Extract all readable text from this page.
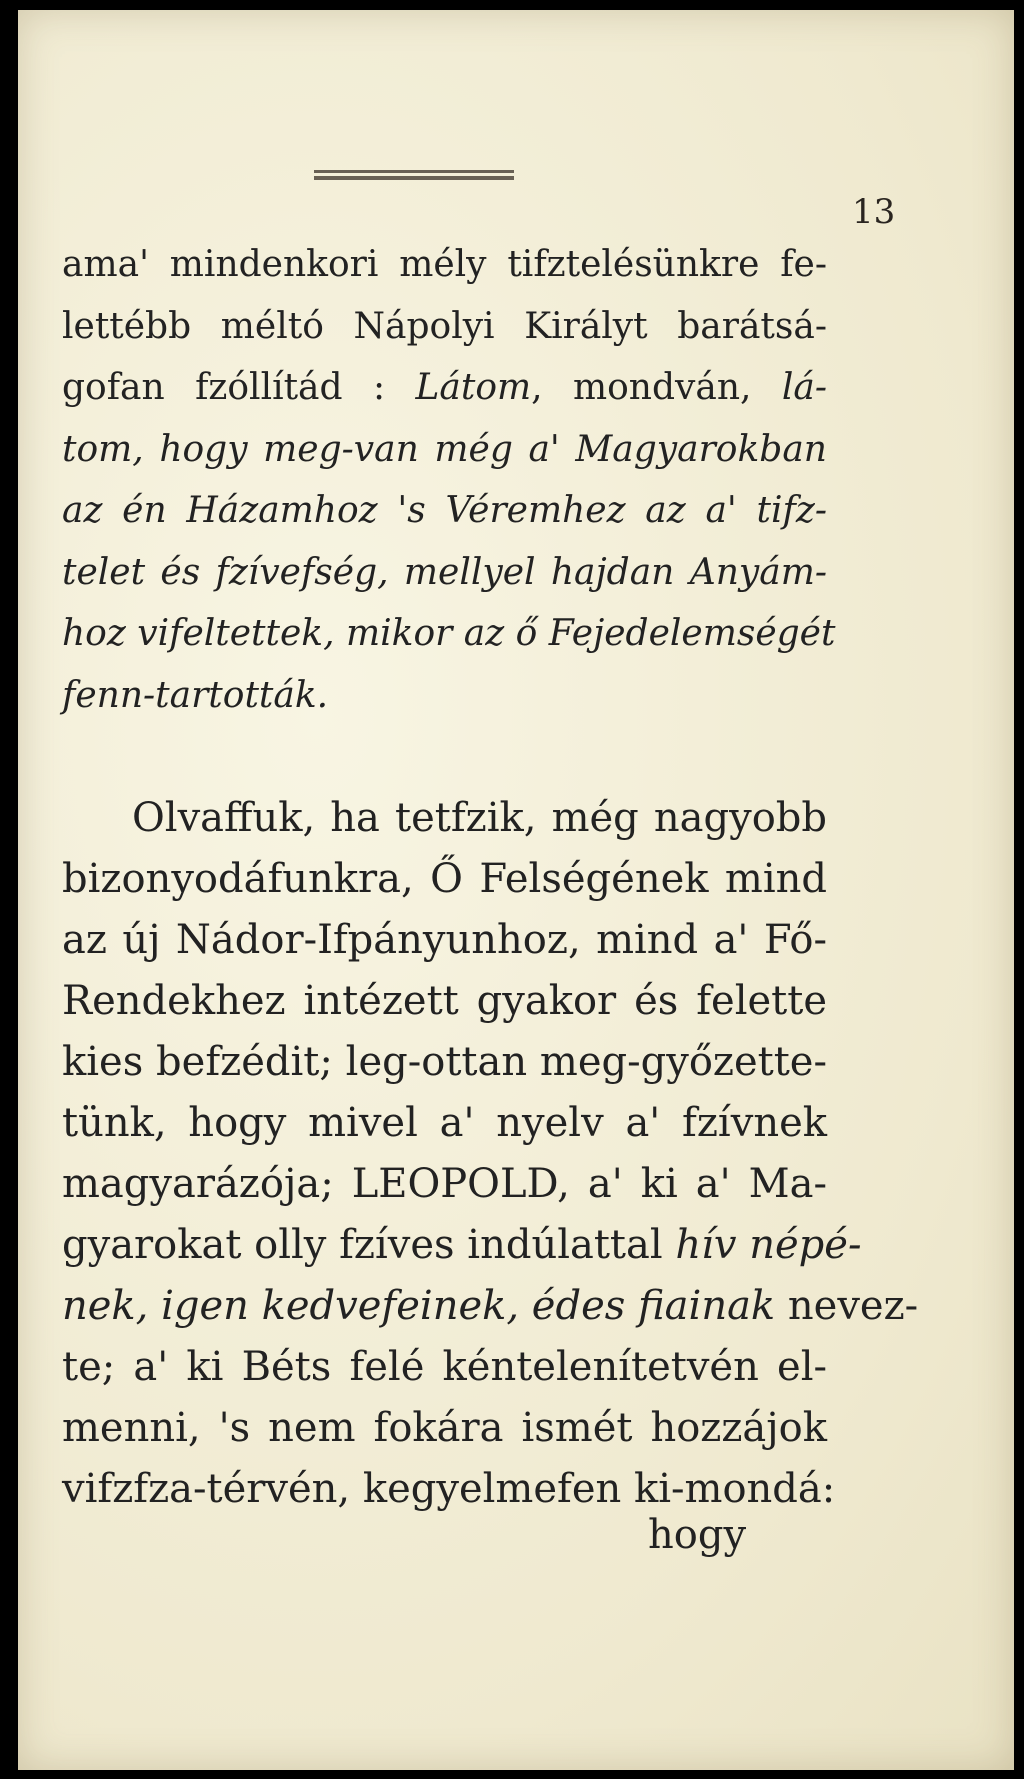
13
ama' mindenkori mély tifztelésünkre fe-
lettébb méltó Nápolyi Királyt barátsá-
gofan fzóllítád : Látom, mondván, lá-
tom, hogy meg-van még a' Magyarokban
az én Házamhoz 's Véremhez az a' tifz-
telet és fzívefség, mellyel hajdan Anyám-
hoz vifeltettek, mikor az ő Fejedelemségét
fenn-tartották.
Olvaffuk, ha tetfzik, még nagyobb
bizonyodáfunkra, Ő Felségének mind
az új Nádor-Ifpányunhoz, mind a' Fő-
Rendekhez intézett gyakor és felette
kies befzédit; leg-ottan meg-győzette-
tünk, hogy mivel a' nyelv a' fzívnek
magyarázója; LEOPOLD, a' ki a' Ma-
gyarokat olly fzíves indúlattal hív népé-
nek, igen kedvefeinek, édes fiainak nevez-
te; a' ki Béts felé kéntelenítetvén el-
menni, 's nem fokára ismét hozzájok
vifzfza-térvén, kegyelmefen ki-mondá:
hogy
